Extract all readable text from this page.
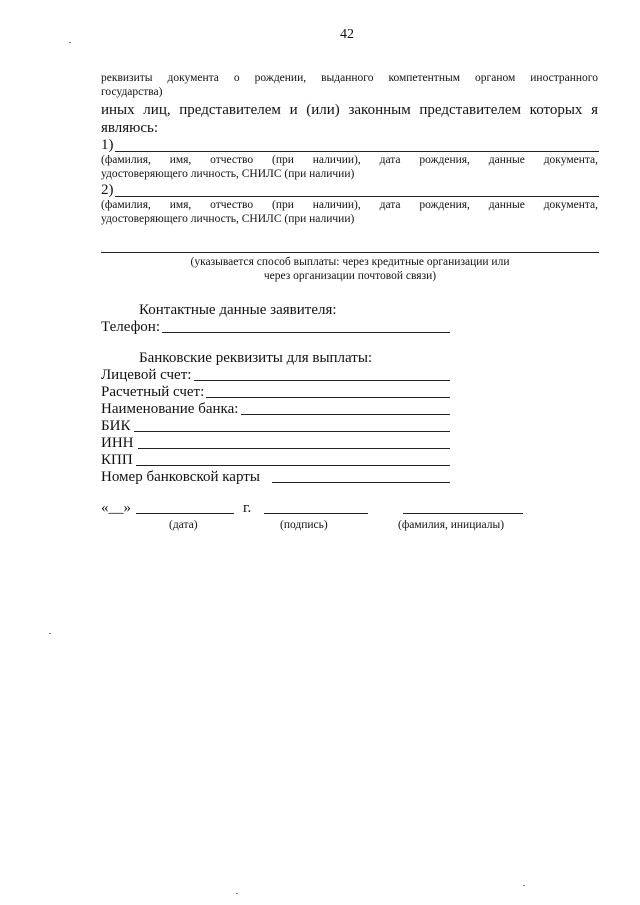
42
реквизиты документа о рождении, выданного компетентным органом иностранного
государства)
иных лиц, представителем и (или) законным представителем которых я
являюсь:
1)
(фамилия, имя, отчество (при наличии), дата рождения, данные документа,
удостоверяющего личность, СНИЛС (при наличии)
2)
(фамилия, имя, отчество (при наличии), дата рождения, данные документа,
удостоверяющего личность, СНИЛС (при наличии)
(указывается способ выплаты: через кредитные организации или
через организации почтовой связи)
Контактные данные заявителя:
Телефон:
Банковские реквизиты для выплаты:
Лицевой счет:
Расчетный счет:
Наименование банка:
БИК
ИНН
КПП
Номер банковской карты
«__»	г.
(дата)	(подпись)	(фамилия, инициалы)
